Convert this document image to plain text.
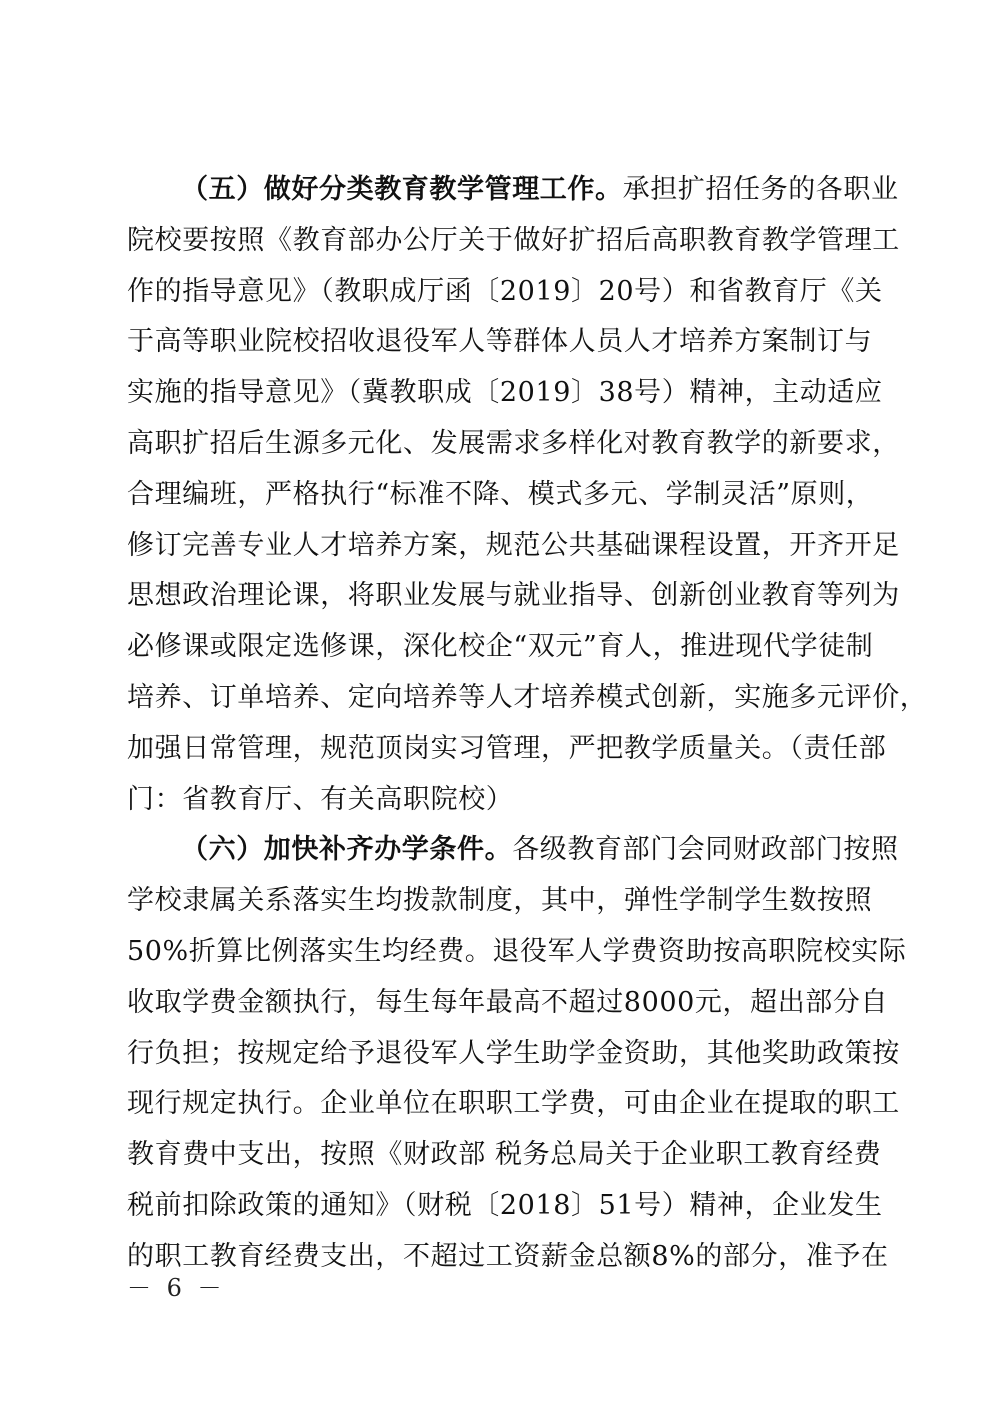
（五）做好分类教育教学管理工作。承担扩招任务的各职业
院校要按照《教育部办公厅关于做好扩招后高职教育教学管理工
作的指导意见》（教职成厅函〔2019〕20号）和省教育厅《关
于高等职业院校招收退役军人等群体人员人才培养方案制订与
实施的指导意见》（冀教职成〔2019〕38号）精神，主动适应
高职扩招后生源多元化、发展需求多样化对教育教学的新要求，
合理编班，严格执行“标准不降、模式多元、学制灵活”原则，
修订完善专业人才培养方案，规范公共基础课程设置，开齐开足
思想政治理论课，将职业发展与就业指导、创新创业教育等列为
必修课或限定选修课，深化校企“双元”育人，推进现代学徒制
培养、订单培养、定向培养等人才培养模式创新，实施多元评价，
加强日常管理，规范顶岗实习管理，严把教学质量关。（责任部
门：省教育厅、有关高职院校）
（六）加快补齐办学条件。各级教育部门会同财政部门按照
学校隶属关系落实生均拨款制度，其中，弹性学制学生数按照
50%折算比例落实生均经费。退役军人学费资助按高职院校实际
收取学费金额执行，每生每年最高不超过8000元，超出部分自
行负担；按规定给予退役军人学生助学金资助，其他奖助政策按
现行规定执行。企业单位在职职工学费，可由企业在提取的职工
教育费中支出，按照《财政部 税务总局关于企业职工教育经费
税前扣除政策的通知》（财税〔2018〕51号）精神，企业发生
的职工教育经费支出，不超过工资薪金总额8%的部分，准予在
－ 6 －
